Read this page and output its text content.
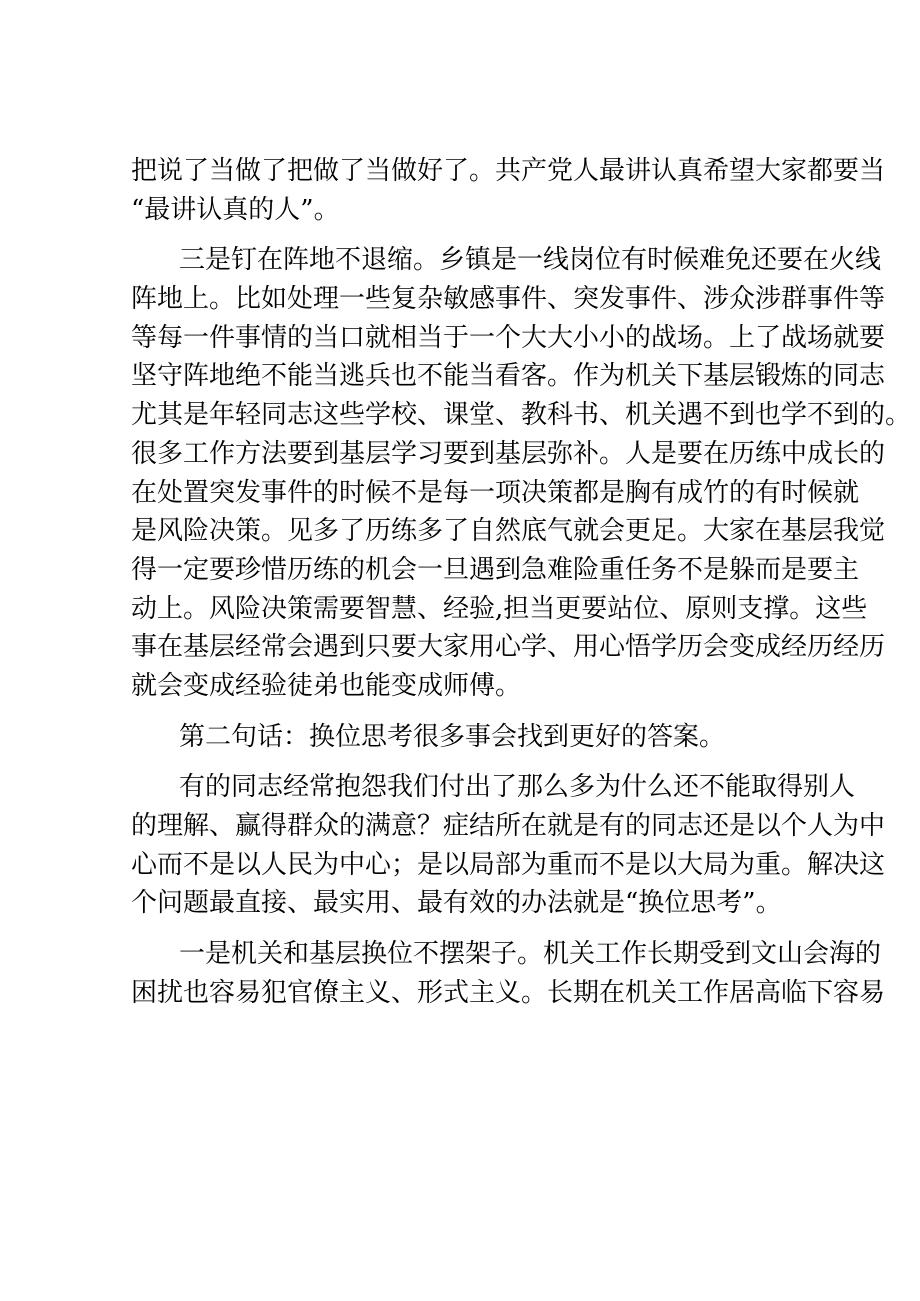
把说了当做了把做了当做好了。共产党人最讲认真希望大家都要当
“最讲认真的人”。
三是钉在阵地不退缩。乡镇是一线岗位有时候难免还要在火线
阵地上。比如处理一些复杂敏感事件、突发事件、涉众涉群事件等
等每一件事情的当口就相当于一个大大小小的战场。上了战场就要
坚守阵地绝不能当逃兵也不能当看客。作为机关下基层锻炼的同志
尤其是年轻同志这些学校、课堂、教科书、机关遇不到也学不到的。
很多工作方法要到基层学习要到基层弥补。人是要在历练中成长的
在处置突发事件的时候不是每一项决策都是胸有成竹的有时候就
是风险决策。见多了历练多了自然底气就会更足。大家在基层我觉
得一定要珍惜历练的机会一旦遇到急难险重任务不是躲而是要主
动上。风险决策需要智慧、经验,担当更要站位、原则支撑。这些
事在基层经常会遇到只要大家用心学、用心悟学历会变成经历经历
就会变成经验徒弟也能变成师傅。
第二句话：换位思考很多事会找到更好的答案。
有的同志经常抱怨我们付出了那么多为什么还不能取得别人
的理解、赢得群众的满意？症结所在就是有的同志还是以个人为中
心而不是以人民为中心；是以局部为重而不是以大局为重。解决这
个问题最直接、最实用、最有效的办法就是“换位思考”。
一是机关和基层换位不摆架子。机关工作长期受到文山会海的
困扰也容易犯官僚主义、形式主义。长期在机关工作居高临下容易
